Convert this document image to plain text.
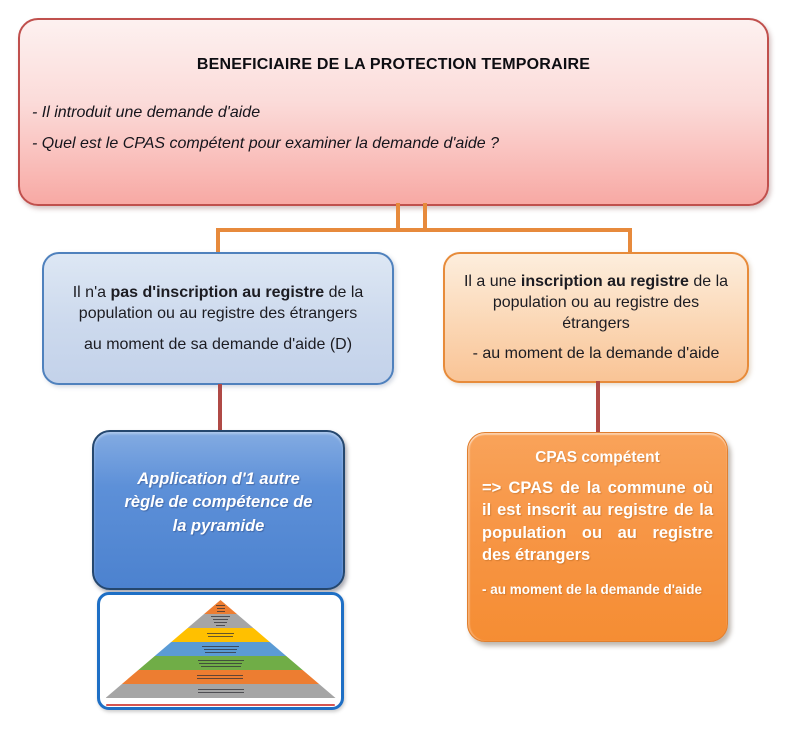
BENEFICIAIRE DE LA PROTECTION TEMPORAIRE
- Il introduit une demande d'aide
- Quel est le CPAS compétent pour examiner la demande d'aide ?

Il n'a pas d'inscription au registre de la population ou au registre des étrangers

au moment de sa demande d'aide (D)

Il a une inscription au registre de la population ou au registre des étrangers

- au moment de la demande d'aide

Application d'1 autre règle de compétence de la pyramide

CPAS compétent
=> CPAS de la commune où il est inscrit au registre de la population ou au registre des étrangers
- au moment de la demande d'aide
